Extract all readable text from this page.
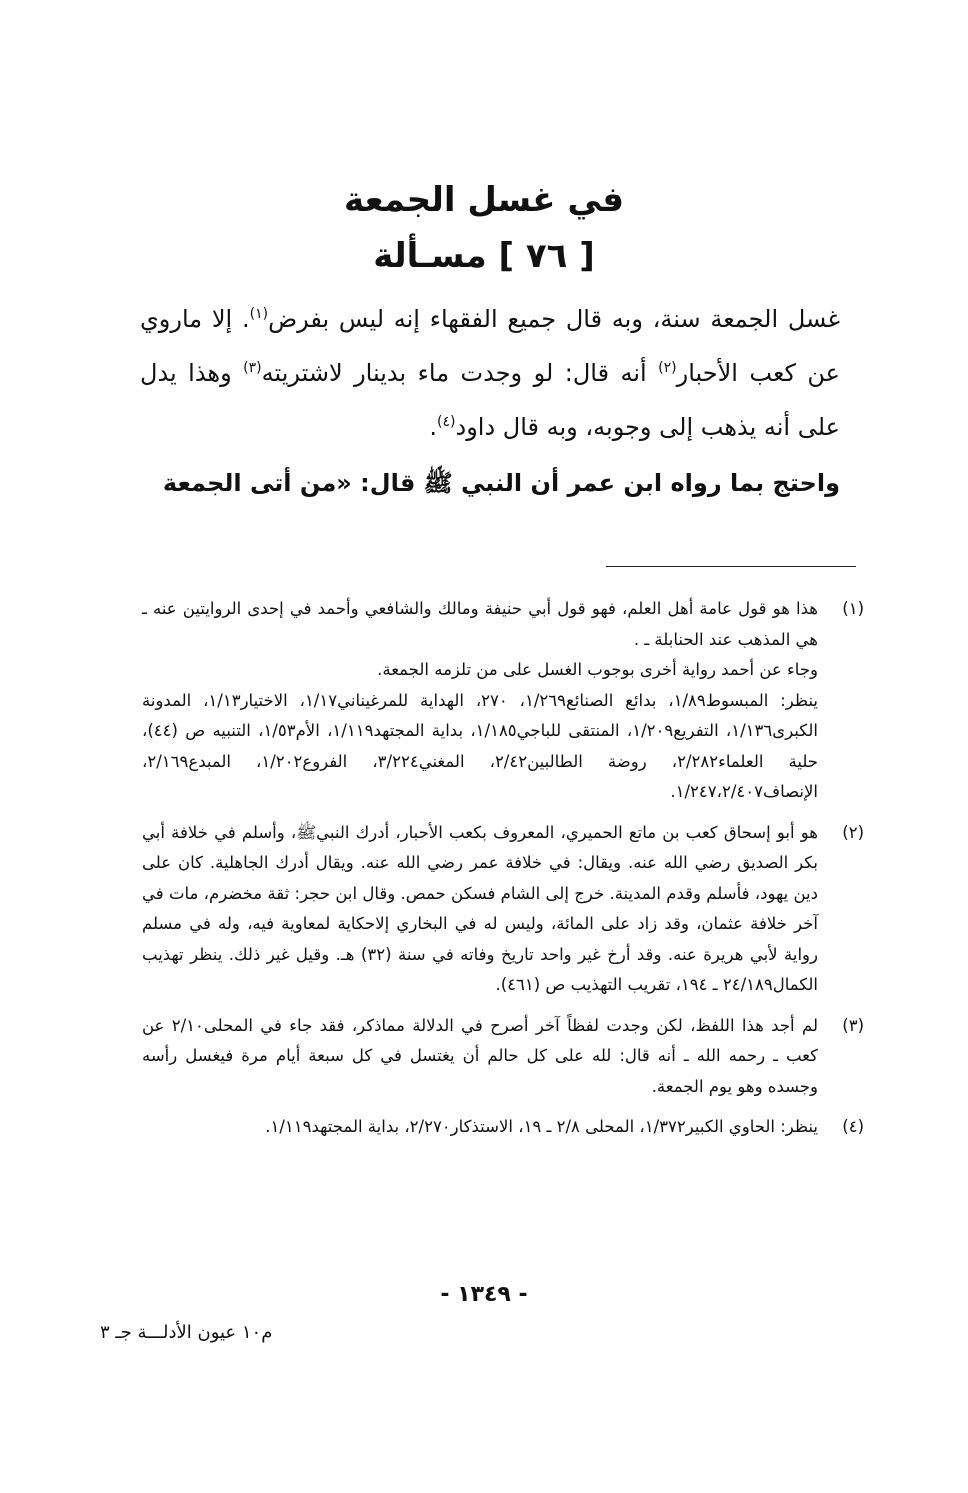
في غسل الجمعة
[ ٧٦ ] مسـألة

غسل الجمعة سنة، وبه قال جميع الفقهاء إنه ليس بفرض$^{(١)}$. إلا ماروي عن كعب الأحبار$^{(٢)}$ أنه قال: لو وجدت ماء بدينار لاشتريته$^{(٣)}$ وهذا يدل على أنه يذهب إلى وجوبه، وبه قال داود$^{(٤)}$.

واحتج بما رواه ابن عمر أن النبي ﷺ قال: «من أتى الجمعة

(١)

هذا هو قول عامة أهل العلم، فهو قول أبي حنيفة ومالك والشافعي وأحمد في إحدى الروايتين عنه ـ هي المذهب عند الحنابلة ـ .

وجاء عن أحمد رواية أخرى بوجوب الغسل على من تلزمه الجمعة.

ينظر: المبسوط١/٨٩، بدائع الصنائع١/٢٦٩، ٢٧٠، الهداية للمرغيناني١/١٧، الاختيار١/١٣، المدونة الكبرى١/١٣٦، التفريع١/٢٠٩، المنتقى للباجي١/١٨٥، بداية المجتهد١/١١٩، الأم١/٥٣، التنبيه ص (٤٤)، حلية العلماء٢/٢٨٢، روضة الطالبين٢/٤٢، المغني٣/٢٢٤، الفروع١/٢٠٢، المبدع٢/١٦٩، الإنصاف١/٢٤٧،٢/٤٠٧.

(٢)

هو أبو إسحاق كعب بن ماتع الحميري، المعروف بكعب الأحبار، أدرك النبيﷺ، وأسلم في خلافة أبي بكر الصديق رضي الله عنه. ويقال: في خلافة عمر رضي الله عنه. ويقال أدرك الجاهلية. كان على دين يهود، فأسلم وقدم المدينة. خرج إلى الشام فسكن حمص. وقال ابن حجر: ثقة مخضرم، مات في آخر خلافة عثمان، وقد زاد على المائة، وليس له في البخاري إلاحكاية لمعاوية فيه، وله في مسلم رواية لأبي هريرة عنه. وقد أرخ غير واحد تاريخ وفاته في سنة (٣٢) هـ. وقيل غير ذلك. ينظر تهذيب الكمال٢٤/١٨٩ ـ ١٩٤، تقريب التهذيب ص (٤٦١).

(٣)

لم أجد هذا اللفظ، لكن وجدت لفظاً آخر أصرح في الدلالة مماذكر، فقد جاء في المحلى٢/١٠ عن كعب ـ رحمه الله ـ أنه قال: لله على كل حالم أن يغتسل في كل سبعة أيام مرة فيغسل رأسه وجسده وهو يوم الجمعة.

(٤)

ينظر: الحاوي الكبير١/٣٧٢، المحلى ٢/٨ ـ ١٩، الاستذكار٢/٢٧٠، بداية المجتهد١/١١٩.

- ١٣٤٩ -
م١٠ عيون الأدلـــة جـ ٣
